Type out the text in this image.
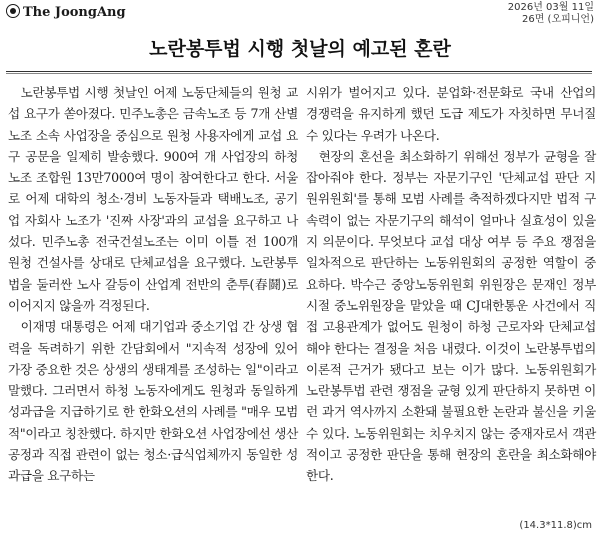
The JoongAng	2026년 03월 11일
26면 (오피니언)
노란봉투법 시행 첫날의 예고된 혼란

노란봉투법 시행 첫날인 어제 노동단체들의 원청 교섭 요구가 쏟아졌다. 민주노총은 금속노조 등 7개 산별노조 소속 사업장을 중심으로 원청 사용자에게 교섭 요구 공문을 일제히 발송했다. 900여 개 사업장의 하청 노조 조합원 13만7000여 명이 참여한다고 한다. 서울로 어제 대학의 청소·경비 노동자들과 택배노조, 공기업 자회사 노조가 '진짜 사장'과의 교섭을 요구하고 나섰다. 민주노총 전국건설노조는 이미 이틀 전 100개 원청 건설사를 상대로 단체교섭을 요구했다. 노란봉투법을 둘러싼 노사 갈등이 산업계 전반의 춘투(春鬪)로 이어지지 않을까 걱정된다.

이재명 대통령은 어제 대기업과 중소기업 간 상생 협력을 독려하기 위한 간담회에서 "지속적 성장에 있어 가장 중요한 것은 상생의 생태계를 조성하는 일"이라고 말했다. 그러면서 하청 노동자에게도 원청과 동일하게 성과급을 지급하기로 한 한화오션의 사례를 "매우 모범적"이라고 칭찬했다. 하지만 한화오션 사업장에선 생산 공정과 직접 관련이 없는 청소·급식업체까지 동일한 성과급을 요구하는

시위가 벌어지고 있다. 분업화·전문화로 국내 산업의 경쟁력을 유지하게 했던 도급 제도가 자칫하면 무너질 수 있다는 우려가 나온다.

현장의 혼선을 최소화하기 위해선 정부가 균형을 잘 잡아줘야 한다. 정부는 자문기구인 '단체교섭 판단 지원위원회'를 통해 모범 사례를 축적하겠다지만 법적 구속력이 없는 자문기구의 해석이 얼마나 실효성이 있을지 의문이다. 무엇보다 교섭 대상 여부 등 주요 쟁점을 일차적으로 판단하는 노동위원회의 공정한 역할이 중요하다. 박수근 중앙노동위원회 위원장은 문재인 정부 시절 중노위원장을 맡았을 때 CJ대한통운 사건에서 직접 고용관계가 없어도 원청이 하청 근로자와 단체교섭해야 한다는 결정을 처음 내렸다. 이것이 노란봉투법의 이론적 근거가 됐다고 보는 이가 많다. 노동위원회가 노란봉투법 관련 쟁점을 균형 있게 판단하지 못하면 이런 과거 역사까지 소환돼 불필요한 논란과 불신을 키울 수 있다. 노동위원회는 치우치지 않는 중재자로서 객관적이고 공정한 판단을 통해 현장의 혼란을 최소화해야 한다.

(14.3*11.8)cm
